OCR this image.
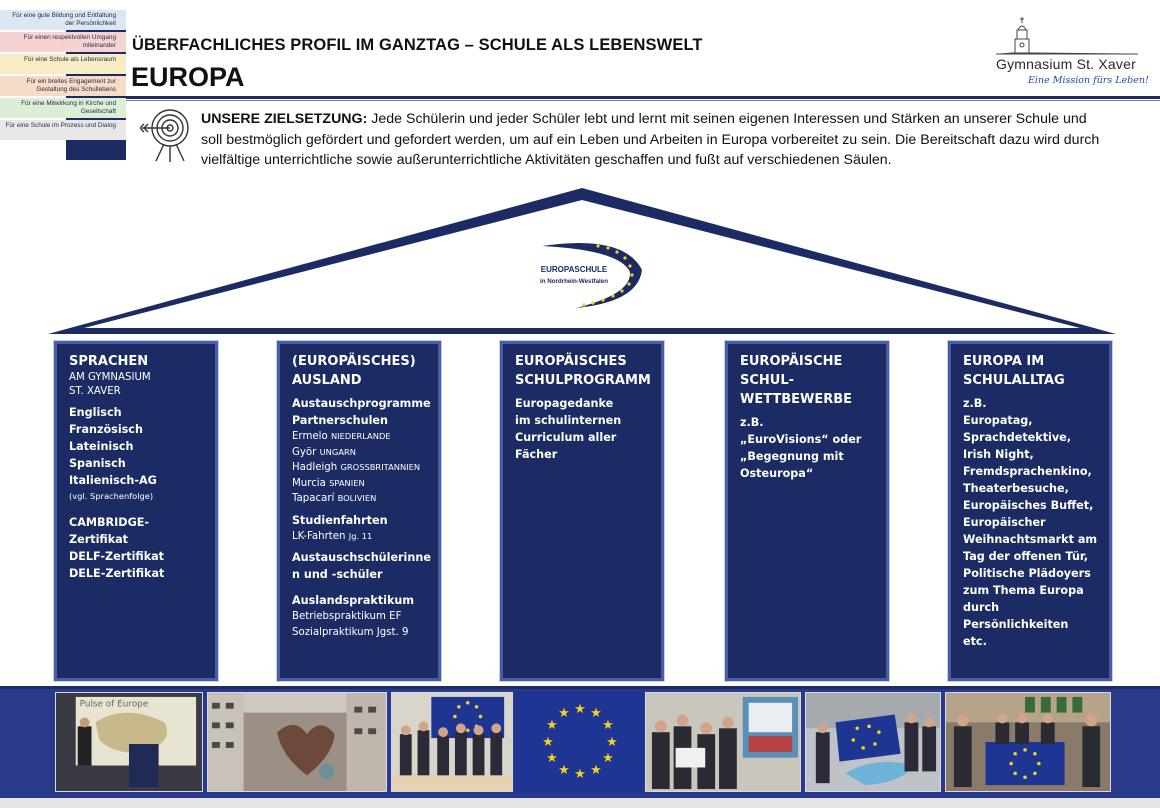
Für eine gute Bildung und Entfaltung der Persönlichkeit
Für einen respektvollen Umgang miteinander
Für eine Schule als Lebensraum
Für ein breites Engagement zur Gestaltung des Schullebens
Für eine Mitwirkung in Kirche und Gesellschaft
Für eine Schule im Prozess und Dialog
ÜBERFACHLICHES PROFIL IM GANZTAG – SCHULE ALS LEBENSWELT
EUROPA	Gymnasium St. Xaver
Eine Mission fürs Leben!
UNSERE ZIELSETZUNG: Jede Schülerin und jeder Schüler lebt und lernt mit seinen eigenen Interessen und Stärken an unserer Schule und soll bestmöglich gefördert und gefordert werden, um auf ein Leben und Arbeiten in Europa vorbereitet zu sein. Die Bereitschaft dazu wird durch vielfältige unterrichtliche sowie außerunterrichtliche Aktivitäten geschaffen und fußt auf verschiedenen Säulen.
EUROPASCHULE
in Nordrhein-Westfalen
SPRACHEN
AM GYMNASIUM
ST. XAVER
Englisch
Französisch
Lateinisch
Spanisch
Italienisch-AG
(vgl. Sprachenfolge)
CAMBRIDGE-Zertifikat
DELF-Zertifikat
DELE-Zertifikat
(EUROPÄISCHES)
AUSLAND
Austauschprogramme
Partnerschulen
Ermelo NIEDERLANDE
Györ UNGARN
Hadleigh GROSSBRITANNIEN
Murcia SPANIEN
Tapacarí BOLIVIEN
Studienfahrten
LK-Fahrten Jg. 11
Austauschschülerinne
n und -schüler
Auslandspraktikum
Betriebspraktikum EF
Sozialpraktikum Jgst. 9
EUROPÄISCHES
SCHULPROGRAMM
Europagedanke
im schulinternen
Curriculum aller
Fächer
EUROPÄISCHE
SCHUL-
WETTBEWERBE
z.B.
„EuroVisions“ oder
„Begegnung mit
Osteuropa“
EUROPA IM
SCHULALLTAG
z.B.
Europatag,
Sprachdetektive,
Irish Night,
Fremdsprachenkino,
Theaterbesuche,
Europäisches Buffet,
Europäischer
Weihnachtsmarkt am
Tag der offenen Tür,
Politische Plädoyers
zum Thema Europa
durch Persönlichkeiten
etc.
Pulse of Europe	★ ★
★
★
★
★
★
★
★
★
★
★
